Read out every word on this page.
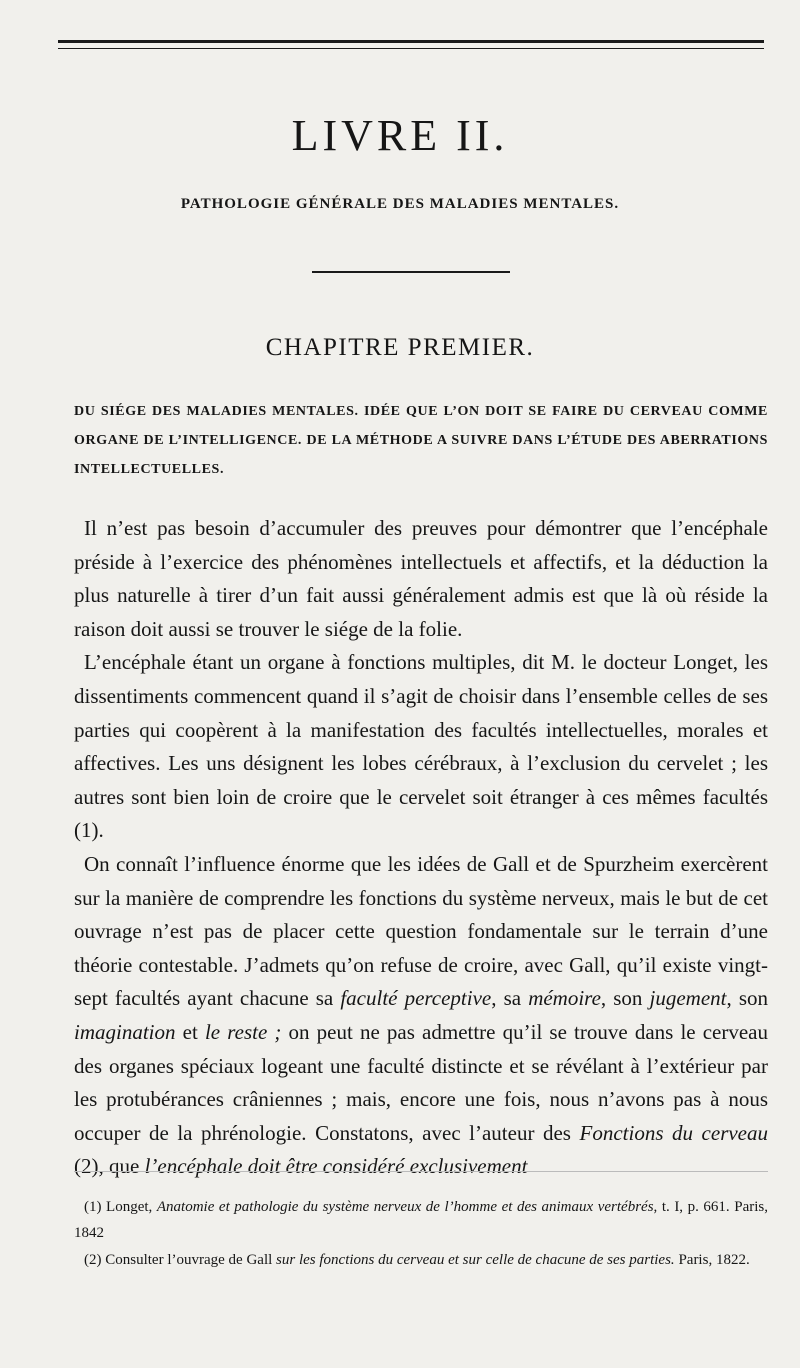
LIVRE II.
PATHOLOGIE GÉNÉRALE DES MALADIES MENTALES.
CHAPITRE PREMIER.
DU SIÉGE DES MALADIES MENTALES. IDÉE QUE L’ON DOIT SE FAIRE DU CERVEAU COMME ORGANE DE L’INTELLIGENCE. DE LA MÉTHODE A SUIVRE DANS L’ÉTUDE DES ABERRATIONS INTELLECTUELLES.

Il n’est pas besoin d’accumuler des preuves pour démontrer que l’encéphale préside à l’exercice des phénomènes intellectuels et affectifs, et la déduction la plus naturelle à tirer d’un fait aussi généralement admis est que là où réside la raison doit aussi se trouver le siége de la folie.

L’encéphale étant un organe à fonctions multiples, dit M. le docteur Longet, les dissentiments commencent quand il s’agit de choisir dans l’ensemble celles de ses parties qui coopèrent à la manifestation des facultés intellectuelles, morales et affectives. Les uns désignent les lobes cérébraux, à l’exclusion du cervelet ; les autres sont bien loin de croire que le cervelet soit étranger à ces mêmes facultés (1).

On connaît l’influence énorme que les idées de Gall et de Spurzheim exercèrent sur la manière de comprendre les fonctions du système nerveux, mais le but de cet ouvrage n’est pas de placer cette question fondamentale sur le terrain d’une théorie contestable. J’admets qu’on refuse de croire, avec Gall, qu’il existe vingt-sept facultés ayant chacune sa faculté perceptive, sa mémoire, son jugement, son imagination et le reste ; on peut ne pas admettre qu’il se trouve dans le cerveau des organes spéciaux logeant une faculté distincte et se révélant à l’extérieur par les protubérances crâniennes ; mais, encore une fois, nous n’avons pas à nous occuper de la phrénologie. Constatons, avec l’auteur des Fonctions du cerveau (2), que l’encéphale doit être considéré exclusivement

(1) Longet, Anatomie et pathologie du système nerveux de l’homme et des animaux vertébrés, t. I, p. 661. Paris, 1842

(2) Consulter l’ouvrage de Gall sur les fonctions du cerveau et sur celle de chacune de ses parties. Paris, 1822.
